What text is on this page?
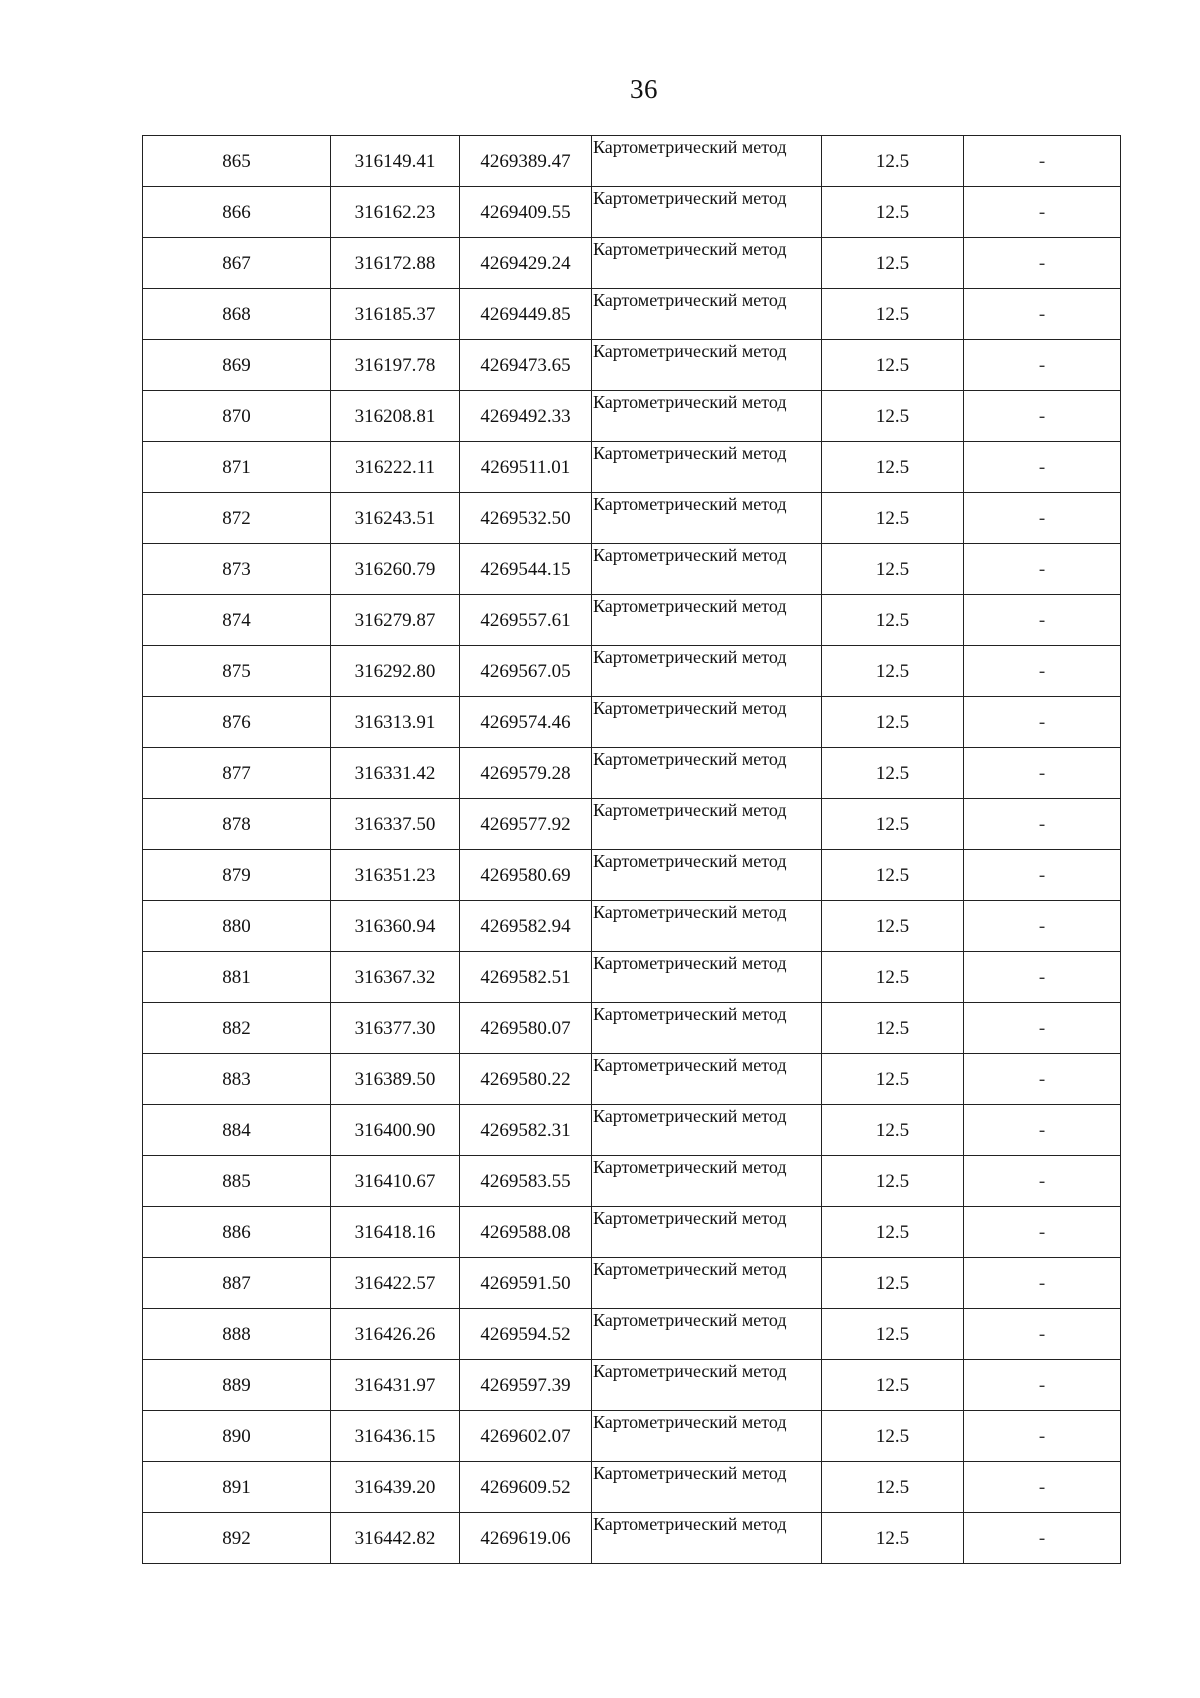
36
865	316149.41	4269389.47	Картометрический метод	12.5	-
866	316162.23	4269409.55	Картометрический метод	12.5	-
867	316172.88	4269429.24	Картометрический метод	12.5	-
868	316185.37	4269449.85	Картометрический метод	12.5	-
869	316197.78	4269473.65	Картометрический метод	12.5	-
870	316208.81	4269492.33	Картометрический метод	12.5	-
871	316222.11	4269511.01	Картометрический метод	12.5	-
872	316243.51	4269532.50	Картометрический метод	12.5	-
873	316260.79	4269544.15	Картометрический метод	12.5	-
874	316279.87	4269557.61	Картометрический метод	12.5	-
875	316292.80	4269567.05	Картометрический метод	12.5	-
876	316313.91	4269574.46	Картометрический метод	12.5	-
877	316331.42	4269579.28	Картометрический метод	12.5	-
878	316337.50	4269577.92	Картометрический метод	12.5	-
879	316351.23	4269580.69	Картометрический метод	12.5	-
880	316360.94	4269582.94	Картометрический метод	12.5	-
881	316367.32	4269582.51	Картометрический метод	12.5	-
882	316377.30	4269580.07	Картометрический метод	12.5	-
883	316389.50	4269580.22	Картометрический метод	12.5	-
884	316400.90	4269582.31	Картометрический метод	12.5	-
885	316410.67	4269583.55	Картометрический метод	12.5	-
886	316418.16	4269588.08	Картометрический метод	12.5	-
887	316422.57	4269591.50	Картометрический метод	12.5	-
888	316426.26	4269594.52	Картометрический метод	12.5	-
889	316431.97	4269597.39	Картометрический метод	12.5	-
890	316436.15	4269602.07	Картометрический метод	12.5	-
891	316439.20	4269609.52	Картометрический метод	12.5	-
892	316442.82	4269619.06	Картометрический метод	12.5	-
